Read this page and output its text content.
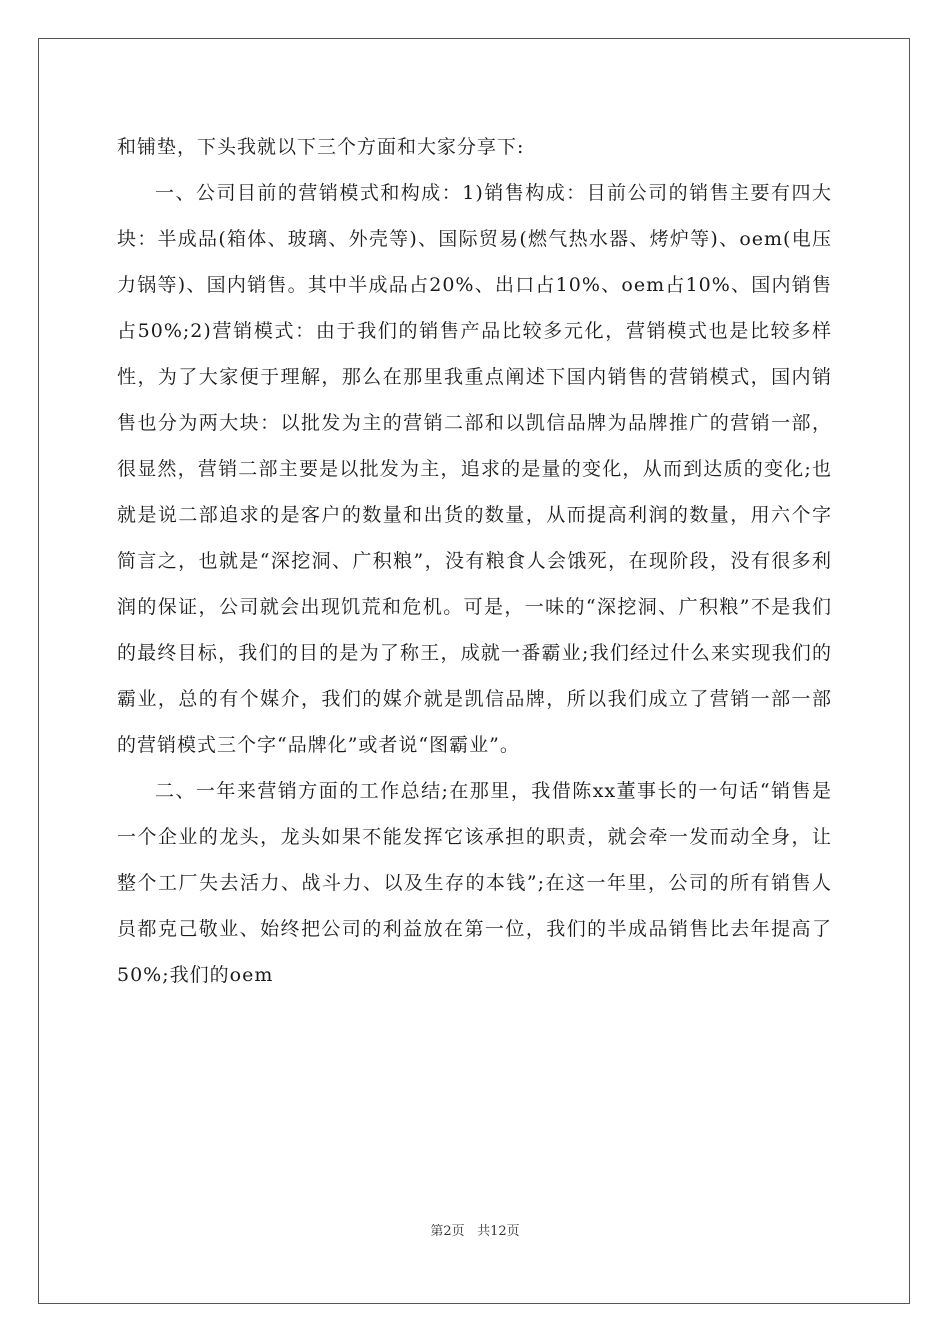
和铺垫，下头我就以下三个方面和大家分享下:

一、公司目前的营销模式和构成：1)销售构成：目前公司的销售主要有四大块：半成品(箱体、玻璃、外壳等)、国际贸易(燃气热水器、烤炉等)、oem(电压力锅等)、国内销售。其中半成品占20%、出口占10%、oem占10%、国内销售占50%;2)营销模式：由于我们的销售产品比较多元化，营销模式也是比较多样性，为了大家便于理解，那么在那里我重点阐述下国内销售的营销模式，国内销售也分为两大块：以批发为主的营销二部和以凯信品牌为品牌推广的营销一部，很显然，营销二部主要是以批发为主，追求的是量的变化，从而到达质的变化;也就是说二部追求的是客户的数量和出货的数量，从而提高利润的数量，用六个字简言之，也就是“深挖洞、广积粮”，没有粮食人会饿死，在现阶段，没有很多利润的保证，公司就会出现饥荒和危机。可是，一味的“深挖洞、广积粮”不是我们的最终目标，我们的目的是为了称王，成就一番霸业;我们经过什么来实现我们的霸业，总的有个媒介，我们的媒介就是凯信品牌，所以我们成立了营销一部一部的营销模式三个字“品牌化”或者说“图霸业”。

二、一年来营销方面的工作总结;在那里，我借陈xx董事长的一句话“销售是一个企业的龙头，龙头如果不能发挥它该承担的职责，就会牵一发而动全身，让整个工厂失去活力、战斗力、以及生存的本钱”;在这一年里，公司的所有销售人员都克己敬业、始终把公司的利益放在第一位，我们的半成品销售比去年提高了50%;我们的oem

第2页 共12页
